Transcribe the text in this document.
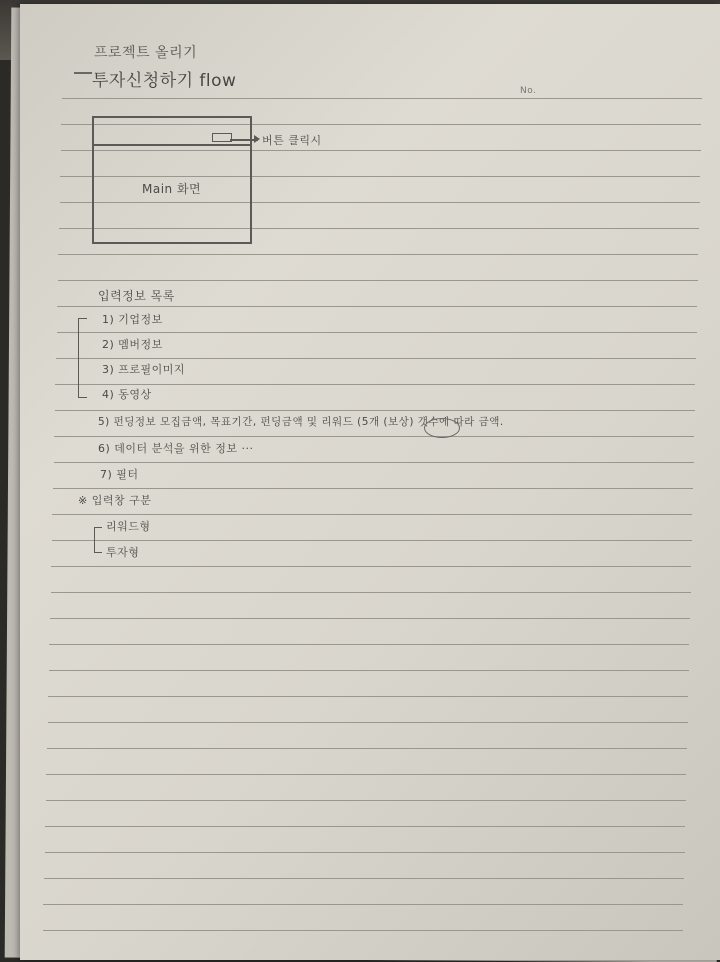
No.
프로젝트 올리기
투자신청하기 flow
Main 화면
버튼 클릭시
입력정보 목록
1) 기업정보
2) 멤버정보
3) 프로필이미지
4) 동영상
5) 펀딩정보 모집금액, 목표기간, 펀딩금액 및 리워드 (5개 (보상) 갯수에 따라 금액.
6) 데이터 분석을 위한 정보 ···
7) 필터
※ 입력창 구분
리워드형
투자형
